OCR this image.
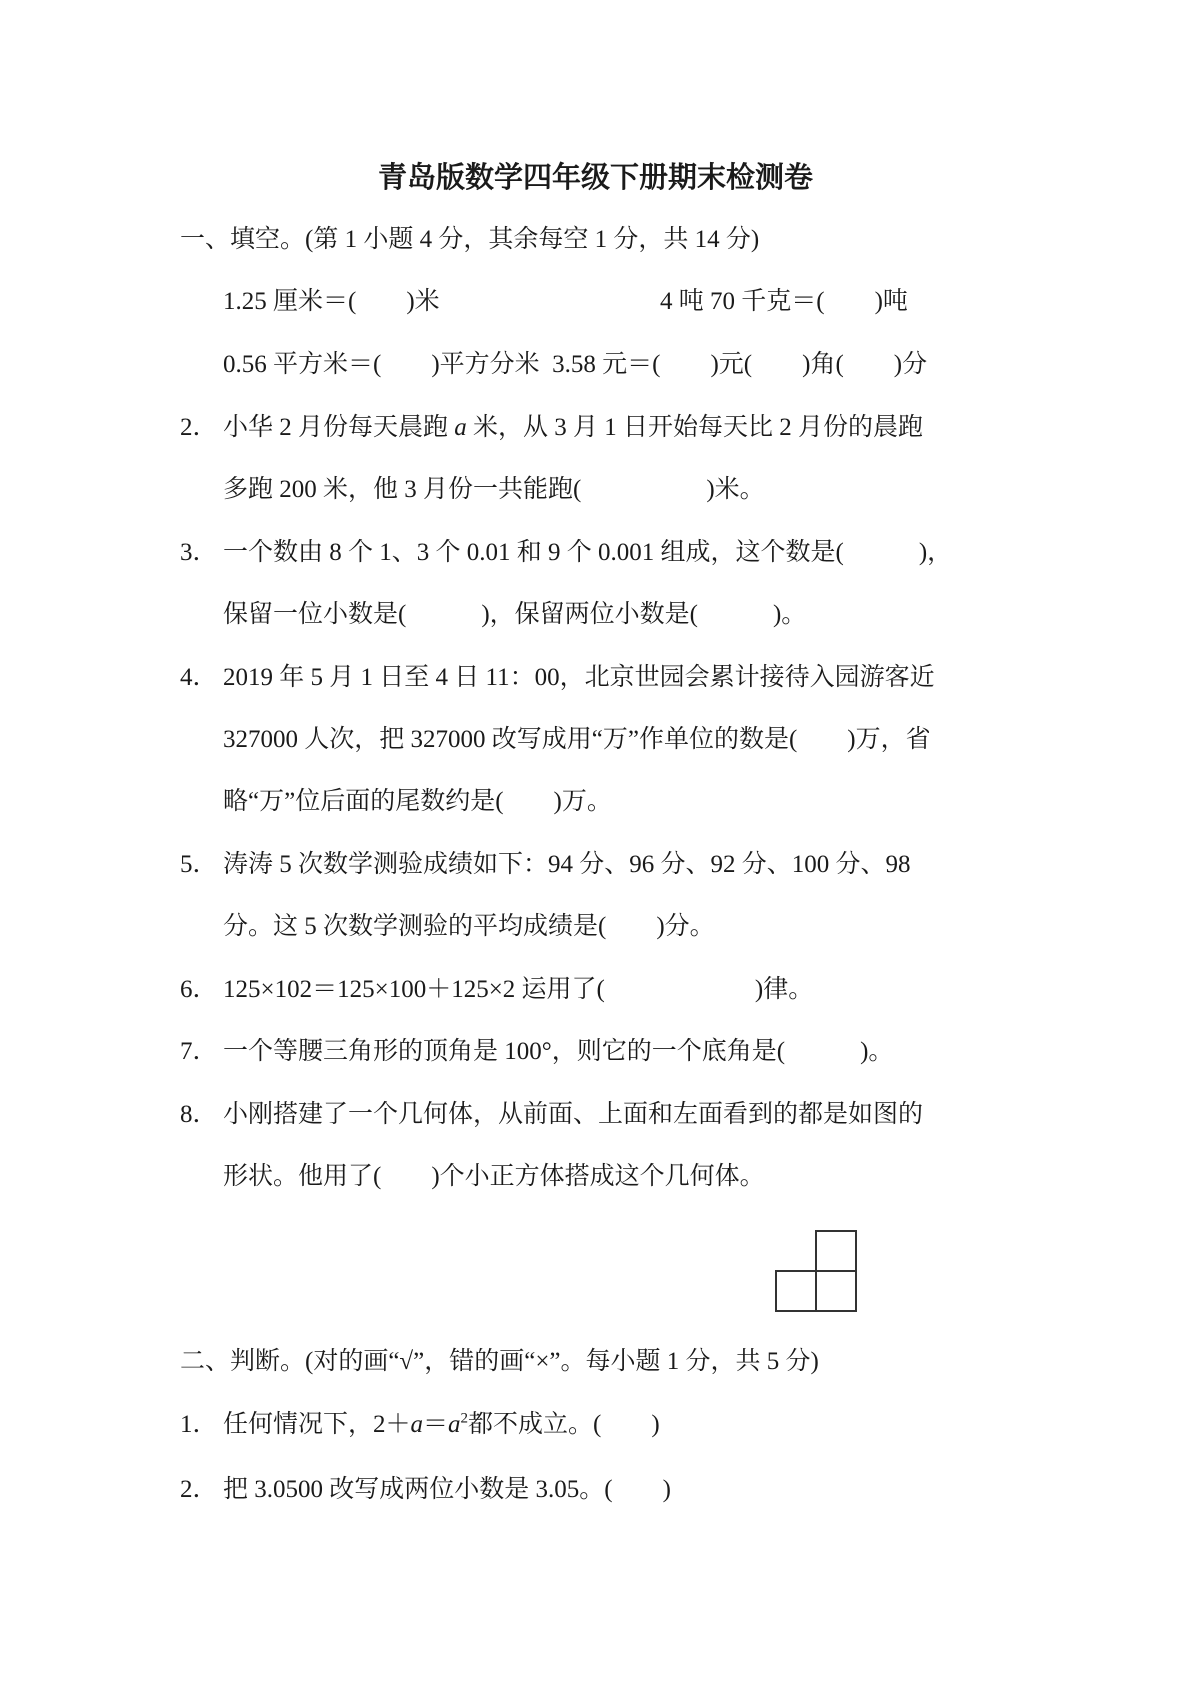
青岛版数学四年级下册期末检测卷
一、填空。(第 1 小题 4 分，其余每空 1 分，共 14 分)
1.25 厘米＝(　　)米	4 吨 70 千克＝(　　)吨
0.56 平方米＝(　　)平方分米  3.58 元＝(　　)元(　　)角(　　)分
2． 小华 2 月份每天晨跑 a 米，从 3 月 1 日开始每天比 2 月份的晨跑
多跑 200 米，他 3 月份一共能跑(　　　　　)米。
3． 一个数由 8 个 1、3 个 0.01 和 9 个 0.001 组成，这个数是(　　　)，
保留一位小数是(　　　)，保留两位小数是(　　　)。
4． 2019 年 5 月 1 日至 4 日 11：00，北京世园会累计接待入园游客近
327000 人次，把 327000 改写成用“万”作单位的数是(　　)万，省
略“万”位后面的尾数约是(　　)万。
5． 涛涛 5 次数学测验成绩如下：94 分、96 分、92 分、100 分、98
分。这 5 次数学测验的平均成绩是(　　)分。
6． 125×102＝125×100＋125×2 运用了(　　　　　　)律。
7． 一个等腰三角形的顶角是 100°，则它的一个底角是(　　　)。
8． 小刚搭建了一个几何体，从前面、上面和左面看到的都是如图的
形状。他用了(　　)个小正方体搭成这个几何体。
二、判断。(对的画“√”，错的画“×”。每小题 1 分，共 5 分)
1． 任何情况下，$2+a=a^2$都不成立。(　　)
2． 把 3.0500 改写成两位小数是 3.05。(　　)
